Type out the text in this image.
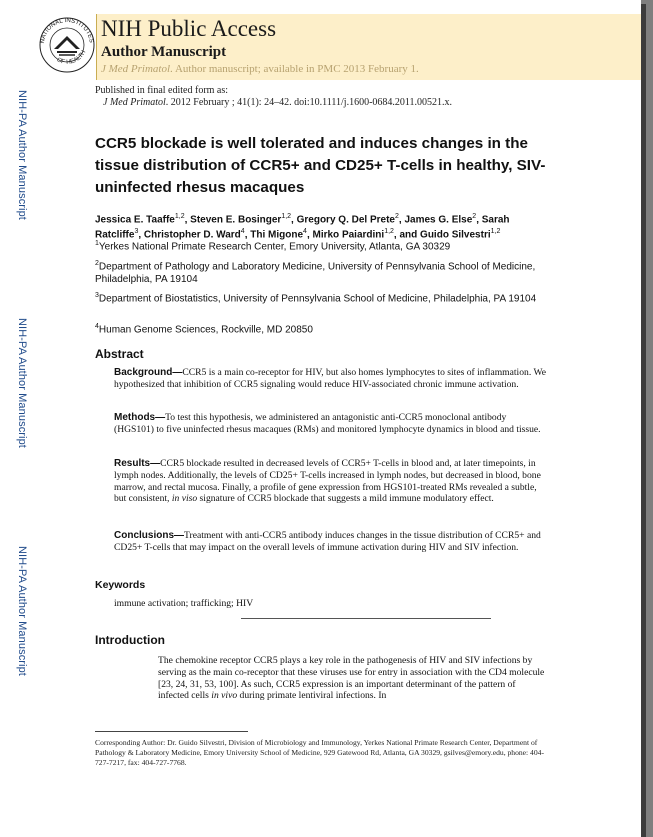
NATIONAL INSTITUTES
OF HEALTH
NIH Public Access
Author Manuscript
J Med Primatol. Author manuscript; available in PMC 2013 February 1.
Published in final edited form as:
J Med Primatol. 2012 February ; 41(1): 24–42. doi:10.1111/j.1600-0684.2011.00521.x.
NIH-PA Author Manuscript
NIH-PA Author Manuscript
NIH-PA Author Manuscript
CCR5 blockade is well tolerated and induces changes in the tissue distribution of CCR5+ and CD25+ T-cells in healthy, SIV-uninfected rhesus macaques
Jessica E. Taaffe$^{1,2}$, Steven E. Bosinger$^{1,2}$, Gregory Q. Del Prete$^2$, James G. Else$^2$, Sarah Ratcliffe$^3$, Christopher D. Ward$^4$, Thi Migone$^4$, Mirko Paiardini$^{1,2}$, and Guido Silvestri$^{1,2}$
$^1$Yerkes National Primate Research Center, Emory University, Atlanta, GA 30329
$^2$Department of Pathology and Laboratory Medicine, University of Pennsylvania School of Medicine, Philadelphia, PA 19104
$^3$Department of Biostatistics, University of Pennsylvania School of Medicine, Philadelphia, PA 19104
$^4$Human Genome Sciences, Rockville, MD 20850
Abstract
Background—CCR5 is a main co-receptor for HIV, but also homes lymphocytes to sites of inflammation. We hypothesized that inhibition of CCR5 signaling would reduce HIV-associated chronic immune activation.
Methods—To test this hypothesis, we administered an antagonistic anti-CCR5 monoclonal antibody (HGS101) to five uninfected rhesus macaques (RMs) and monitored lymphocyte dynamics in blood and tissue.
Results—CCR5 blockade resulted in decreased levels of CCR5+ T-cells in blood and, at later timepoints, in lymph nodes. Additionally, the levels of CD25+ T-cells increased in lymph nodes, but decreased in blood, bone marrow, and rectal mucosa. Finally, a profile of gene expression from HGS101-treated RMs revealed a subtle, but consistent, in viso signature of CCR5 blockade that suggests a mild immune modulatory effect.
Conclusions—Treatment with anti-CCR5 antibody induces changes in the tissue distribution of CCR5+ and CD25+ T-cells that may impact on the overall levels of immune activation during HIV and SIV infection.
Keywords
immune activation; trafficking; HIV
Introduction
The chemokine receptor CCR5 plays a key role in the pathogenesis of HIV and SIV infections by serving as the main co-receptor that these viruses use for entry in association with the CD4 molecule [23, 24, 31, 53, 100]. As such, CCR5 expression is an important determinant of the pattern of infected cells in vivo during primate lentiviral infections. In
Corresponding Author: Dr. Guido Silvestri, Division of Microbiology and Immunology, Yerkes National Primate Research Center, Department of Pathology & Laboratory Medicine, Emory University School of Medicine, 929 Gatewood Rd, Atlanta, GA 30329, gsilves@emory.edu, phone: 404-727-7217, fax: 404-727-7768.
